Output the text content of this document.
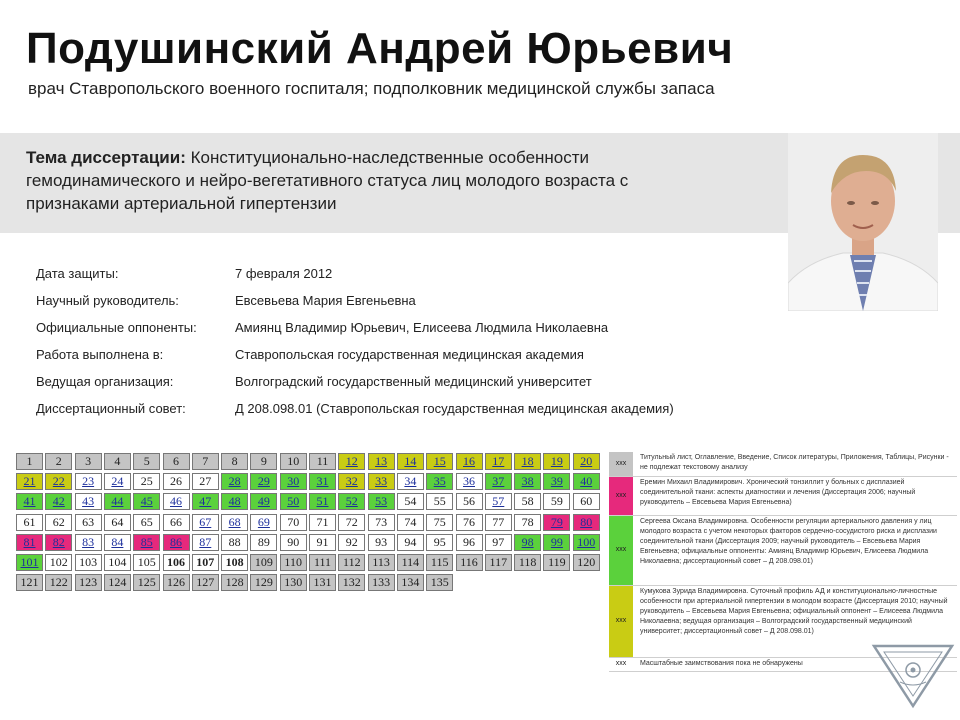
Подушинский Андрей Юрьевич
врач Ставропольского военного госпиталя; подполковник медицинской службы запаса
Тема диссертации: Конституционально-наследственные особенности гемодинамического и нейро-вегетативного статуса лиц молодого возраста с признаками артериальной гипертензии
Дата защиты:	7 февраля 2012
Научный руководитель:	Евсевьева Мария Евгеньевна
Официальные оппоненты:	Амиянц Владимир Юрьевич, Елисеева Людмила Николаевна
Работа выполнена в:	Ставропольская государственная медицинская академия
Ведущая организация:	Волгоградский государственный медицинский университет
Диссертационный совет:	Д 208.098.01 (Ставропольская государственная медицинская академия)
1	2	3	4	5	6	7	8	9	10	11	12	13	14	15	16	17	18	19	20
21	22	23	24	25	26	27	28	29	30	31	32	33	34	35	36	37	38	39	40
41	42	43	44	45	46	47	48	49	50	51	52	53	54	55	56	57	58	59	60
61	62	63	64	65	66	67	68	69	70	71	72	73	74	75	76	77	78	79	80
81	82	83	84	85	86	87	88	89	90	91	92	93	94	95	96	97	98	99	100
101 102 103 104 105 106 107 108 109 110 111 112 113 114 115 116 117 118 119 120
121 122 123 124 125 126 127 128 129 130 131 132 133 134 135
xxx
Титульный лист, Оглавление, Введение, Список литературы, Приложения, Таблицы, Рисунки - не подлежат текстовому анализу
xxx
Еремин Михаил Владимирович. Хронический тонзиллит у больных с дисплазией соединительной ткани: аспекты диагностики и лечения (Диссертация 2006; научный руководитель – Евсевьева Мария Евгеньевна)
xxx
Сергеева Оксана Владимировна. Особенности регуляции артериального давления у лиц молодого возраста с учетом некоторых факторов сердечно-сосудистого риска и дисплазии соединительной ткани (Диссертация 2009; научный руководитель – Евсевьева Мария Евгеньевна; официальные оппоненты: Амиянц Владимир Юрьевич, Елисеева Людмила Николаевна; диссертационный совет – Д 208.098.01)
xxx
Кумукова Зурида Владимировна. Суточный профиль АД и конституционально-личностные особенности при артериальной гипертензии в молодом возрасте (Диссертация 2010; научный руководитель – Евсевьева Мария Евгеньевна; официальный оппонент – Елисеева Людмила Николаевна; ведущая организация – Волгоградский государственный медицинский университет; диссертационный совет – Д 208.098.01)
xxx	Масштабные заимствования пока не обнаружены
